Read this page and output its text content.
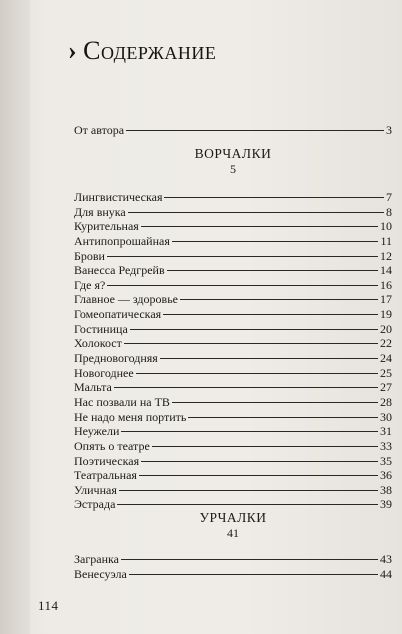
› Содержание
От автора	3
ВОРЧАЛКИ
5
Лингвистическая	7
Для внука	8
Курительная	10
Антипопрошайная	11
Брови	12
Ванесса Редгрейв	14
Где я?	16
Главное — здоровье	17
Гомеопатическая	19
Гостиница	20
Холокост	22
Предновогодняя	24
Новогоднее	25
Мальта	27
Нас позвали на ТВ	28
Не надо меня портить	30
Неужели	31
Опять о театре	33
Поэтическая	35
Театральная	36
Уличная	38
Эстрада	39
УРЧАЛКИ
41
Загранка	43
Венесуэла	44
114
